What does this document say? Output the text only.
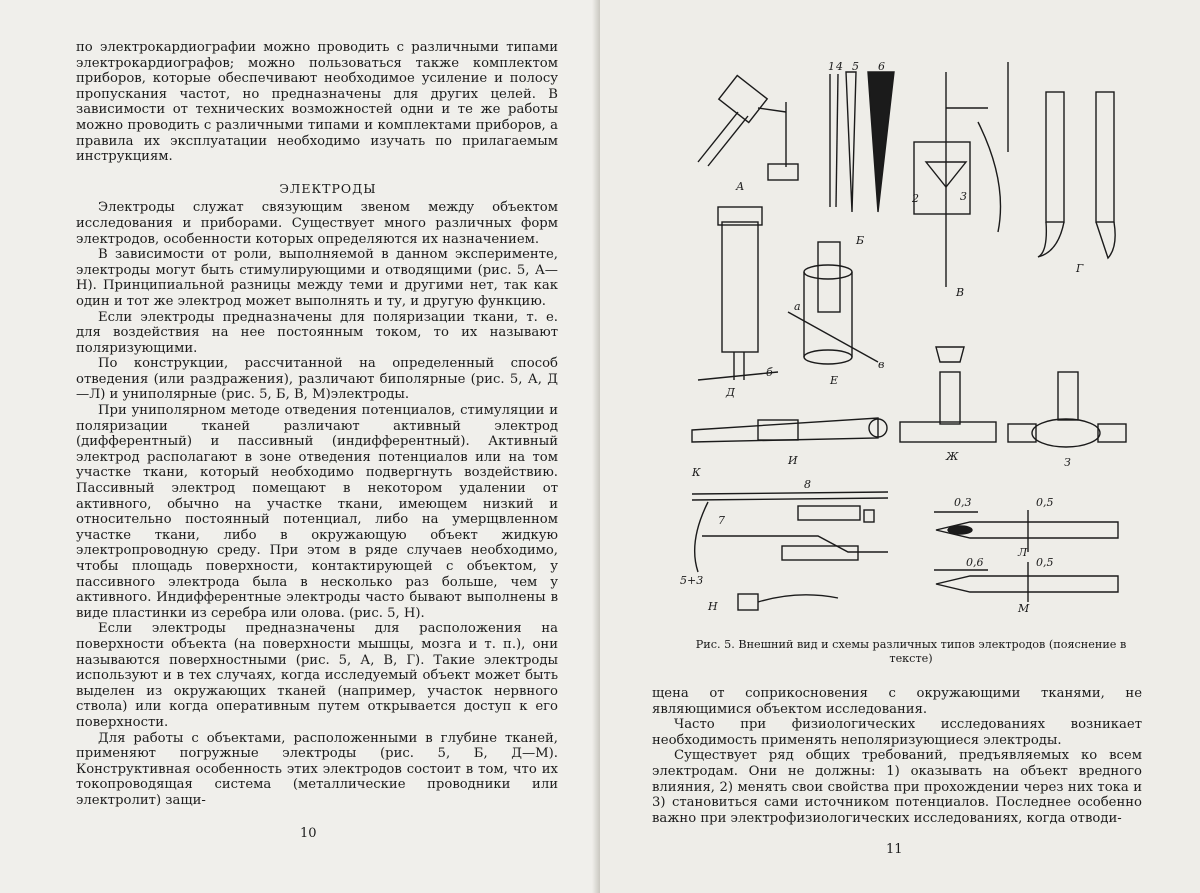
по электрокардиографии можно проводить с различными типами электрокардиографов; можно пользоваться также комплектом приборов, которые обеспечивают необходимое усиление и полосу пропускания частот, но предназначены для других целей. В зависимости от технических возможностей одни и те же работы можно проводить с различными типами и комплектами приборов, а правила их эксплуатации необходимо изучать по прилагаемым инструкциям.

ЭЛЕКТРОДЫ

Электроды служат связующим звеном между объектом исследования и приборами. Существует много различных форм электродов, особенности которых определяются их назначением.

В зависимости от роли, выполняемой в данном эксперименте, электроды могут быть стимулирующими и отводящими (рис. 5, А—Н). Принципиальной разницы между теми и другими нет, так как один и тот же электрод может выполнять и ту, и другую функцию.

Если электроды предназначены для поляризации ткани, т. е. для воздействия на нее постоянным током, то их называют поляризующими.

По конструкции, рассчитанной на определенный способ отведения (или раздражения), различают биполярные (рис. 5, А, Д—Л) и униполярные (рис. 5, Б, В, М)электроды.

При униполярном методе отведения потенциалов, стимуляции и поляризации тканей различают активный электрод (дифферентный) и пассивный (индифферентный). Активный электрод располагают в зоне отведения потенциалов или на том участке ткани, который необходимо подвергнуть воздействию. Пассивный электрод помещают в некотором удалении от активного, обычно на участке ткани, имеющем низкий и относительно постоянный потенциал, либо на умерщвленном участке ткани, либо в окружающую объект жидкую электропроводную среду. При этом в ряде случаев необходимо, чтобы площадь поверхности, контактирующей с объектом, у пассивного электрода была в несколько раз больше, чем у активного. Индифферентные электроды часто бывают выполнены в виде пластинки из серебра или олова. (рис. 5, Н).

Если электроды предназначены для расположения на поверхности объекта (на поверхности мышцы, мозга и т. п.), они называются поверхностными (рис. 5, А, В, Г). Такие электроды используют и в тех случаях, когда исследуемый объект может быть выделен из окружающих тканей (например, участок нервного ствола) или когда оперативным путем открывается доступ к его поверхности.

Для работы с объектами, расположенными в глубине тканей, применяют погружные электроды (рис. 5, Б, Д—М). Конструктивная особенность этих электродов состоит в том, что их токопроводящая система (металлические проводники или электролит) защи-

10
А
Б
В
Г
Д
Е
Ж	З
И
К
Л
М
Н
1
2	3
4 5 6
7
8
а
б
в
0,3	0,5
0,6	0,5
5+3
Рис. 5. Внешний вид и схемы различных типов электродов (пояснение в тексте)

щена от соприкосновения с окружающими тканями, не являющимися объектом исследования.

Часто при физиологических исследованиях возникает необходимость применять неполяризующиеся электроды.

Существует ряд общих требований, предъявляемых ко всем электродам. Они не должны: 1) оказывать на объект вредного влияния, 2) менять свои свойства при прохождении через них тока и 3) становиться сами источником потенциалов. Последнее особенно важно при электрофизиологических исследованиях, когда отводи-

11
